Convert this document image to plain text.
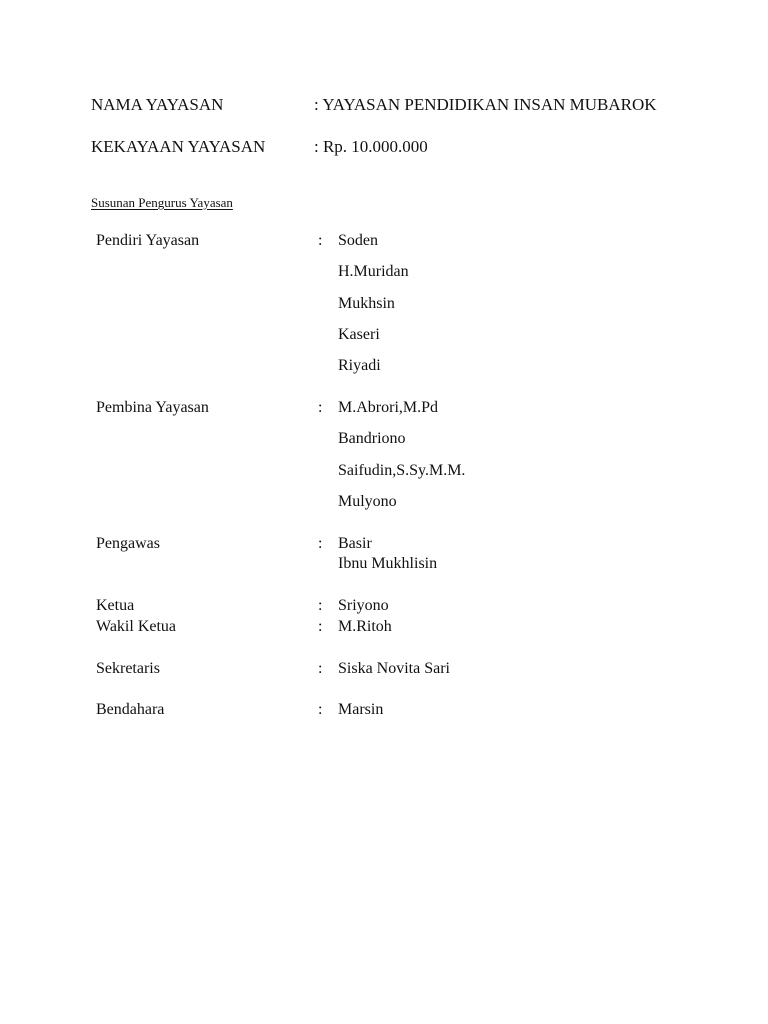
NAMA YAYASAN	: YAYASAN PENDIDIKAN INSAN MUBAROK
KEKAYAAN YAYASAN	: Rp. 10.000.000
Susunan Pengurus Yayasan
Pendiri Yayasan	: Soden
H.Muridan
Mukhsin
Kaseri
Riyadi
Pembina Yayasan	: M.Abrori,M.Pd
Bandriono
Saifudin,S.Sy.M.M.
Mulyono
Pengawas	: Basir
Ibnu Mukhlisin
Ketua	: Sriyono
Wakil Ketua	: M.Ritoh
Sekretaris	: Siska Novita Sari
Bendahara	: Marsin
